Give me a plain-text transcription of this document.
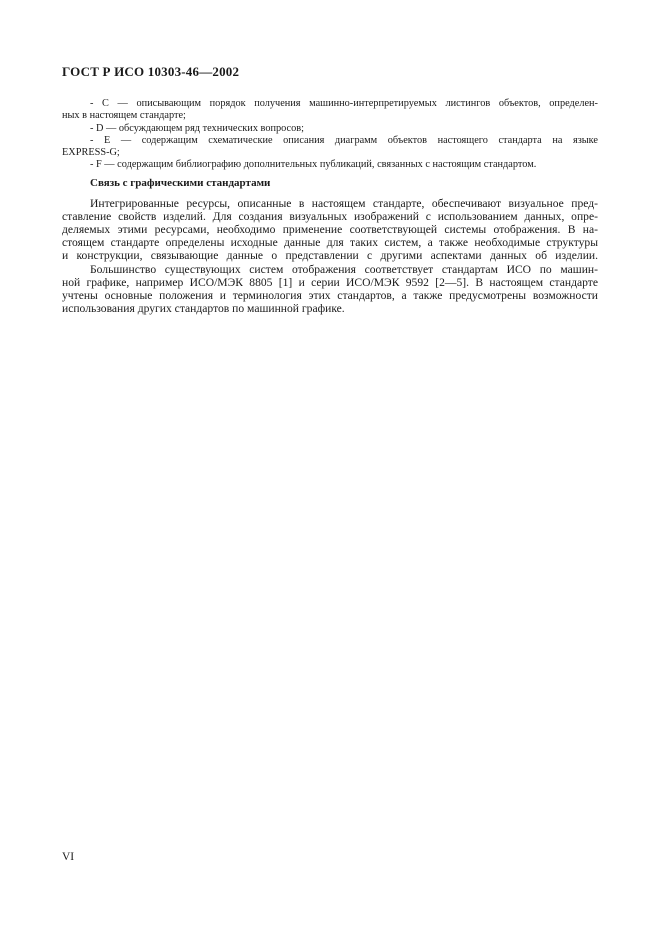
ГОСТ Р ИСО 10303-46—2002
- C — описывающим порядок получения машинно-интерпретируемых листингов объектов, определен-
ных в настоящем стандарте;
- D — обсуждающем ряд технических вопросов;
- E — содержащим схематические описания диаграмм объектов настоящего стандарта на языке
EXPRESS-G;
- F — содержащим библиографию дополнительных публикаций, связанных с настоящим стандартом.
Связь с графическими стандартами
Интегрированные ресурсы, описанные в настоящем стандарте, обеспечивают визуальное пред-
ставление свойств изделий. Для создания визуальных изображений с использованием данных, опре-
деляемых этими ресурсами, необходимо применение соответствующей системы отображения. В на-
стоящем стандарте определены исходные данные для таких систем, а также необходимые структуры
и конструкции, связывающие данные о представлении с другими аспектами данных об изделии.
Большинство существующих систем отображения соответствует стандартам ИСО по машин-
ной графике, например ИСО/МЭК 8805 [1] и серии ИСО/МЭК 9592 [2—5]. В настоящем стандарте
учтены основные положения и терминология этих стандартов, а также предусмотрены возможности
использования других стандартов по машинной графике.
VI
